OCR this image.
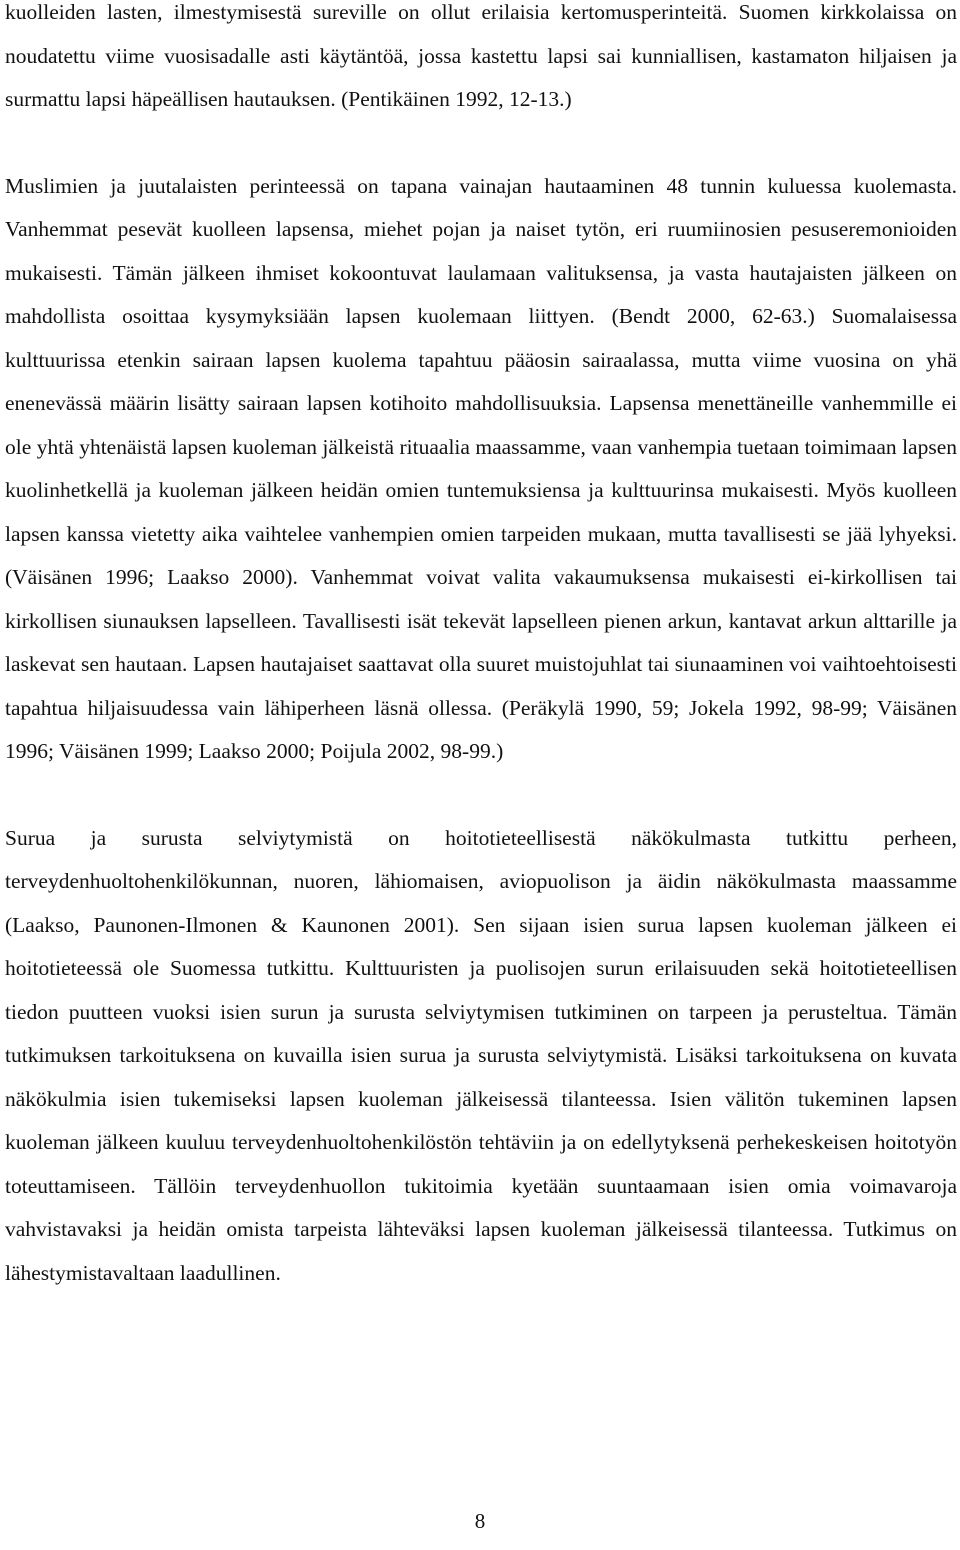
kuolleiden lasten, ilmestymisestä sureville on ollut erilaisia kertomusperinteitä. Suomen kirkkolaissa on noudatettu viime vuosisadalle asti käytäntöä, jossa kastettu lapsi sai kunniallisen, kastamaton hiljaisen ja surmattu lapsi häpeällisen hautauksen. (Pentikäinen 1992, 12-13.)

Muslimien ja juutalaisten perinteessä on tapana vainajan hautaaminen 48 tunnin kuluessa kuolemasta. Vanhemmat pesevät kuolleen lapsensa, miehet pojan ja naiset tytön, eri ruumiinosien pesuseremonioiden mukaisesti. Tämän jälkeen ihmiset kokoontuvat laulamaan valituksensa, ja vasta hautajaisten jälkeen on mahdollista osoittaa kysymyksiään lapsen kuolemaan liittyen. (Bendt 2000, 62-63.) Suomalaisessa kulttuurissa etenkin sairaan lapsen kuolema tapahtuu pääosin sairaalassa, mutta viime vuosina on yhä enenevässä määrin lisätty sairaan lapsen kotihoito mahdollisuuksia. Lapsensa menettäneille vanhemmille ei ole yhtä yhtenäistä lapsen kuoleman jälkeistä rituaalia maassamme, vaan vanhempia tuetaan toimimaan lapsen kuolinhetkellä ja kuoleman jälkeen heidän omien tuntemuksiensa ja kulttuurinsa mukaisesti. Myös kuolleen lapsen kanssa vietetty aika vaihtelee vanhempien omien tarpeiden mukaan, mutta tavallisesti se jää lyhyeksi. (Väisänen 1996; Laakso 2000). Vanhemmat voivat valita vakaumuksensa mukaisesti ei-kirkollisen tai kirkollisen siunauksen lapselleen. Tavallisesti isät tekevät lapselleen pienen arkun, kantavat arkun alttarille ja laskevat sen hautaan. Lapsen hautajaiset saattavat olla suuret muistojuhlat tai siunaaminen voi vaihtoehtoisesti tapahtua hiljaisuudessa vain lähiperheen läsnä ollessa. (Peräkylä 1990, 59; Jokela 1992, 98-99; Väisänen 1996; Väisänen 1999; Laakso 2000; Poijula 2002, 98-99.)

Surua ja surusta selviytymistä on hoitotieteellisestä näkökulmasta tutkittu perheen, terveydenhuoltohenkilökunnan, nuoren, lähiomaisen, aviopuolison ja äidin näkökulmasta maassamme (Laakso, Paunonen-Ilmonen & Kaunonen 2001). Sen sijaan isien surua lapsen kuoleman jälkeen ei hoitotieteessä ole Suomessa tutkittu. Kulttuuristen ja puolisojen surun erilaisuuden sekä hoitotieteellisen tiedon puutteen vuoksi isien surun ja surusta selviytymisen tutkiminen on tarpeen ja perusteltua. Tämän tutkimuksen tarkoituksena on kuvailla isien surua ja surusta selviytymistä. Lisäksi tarkoituksena on kuvata näkökulmia isien tukemiseksi lapsen kuoleman jälkeisessä tilanteessa. Isien välitön tukeminen lapsen kuoleman jälkeen kuuluu terveydenhuoltohenkilöstön tehtäviin ja on edellytyksenä perhekeskeisen hoitotyön toteuttamiseen. Tällöin terveydenhuollon tukitoimia kyetään suuntaamaan isien omia voimavaroja vahvistavaksi ja heidän omista tarpeista lähteväksi lapsen kuoleman jälkeisessä tilanteessa. Tutkimus on lähestymistavaltaan laadullinen.

8
